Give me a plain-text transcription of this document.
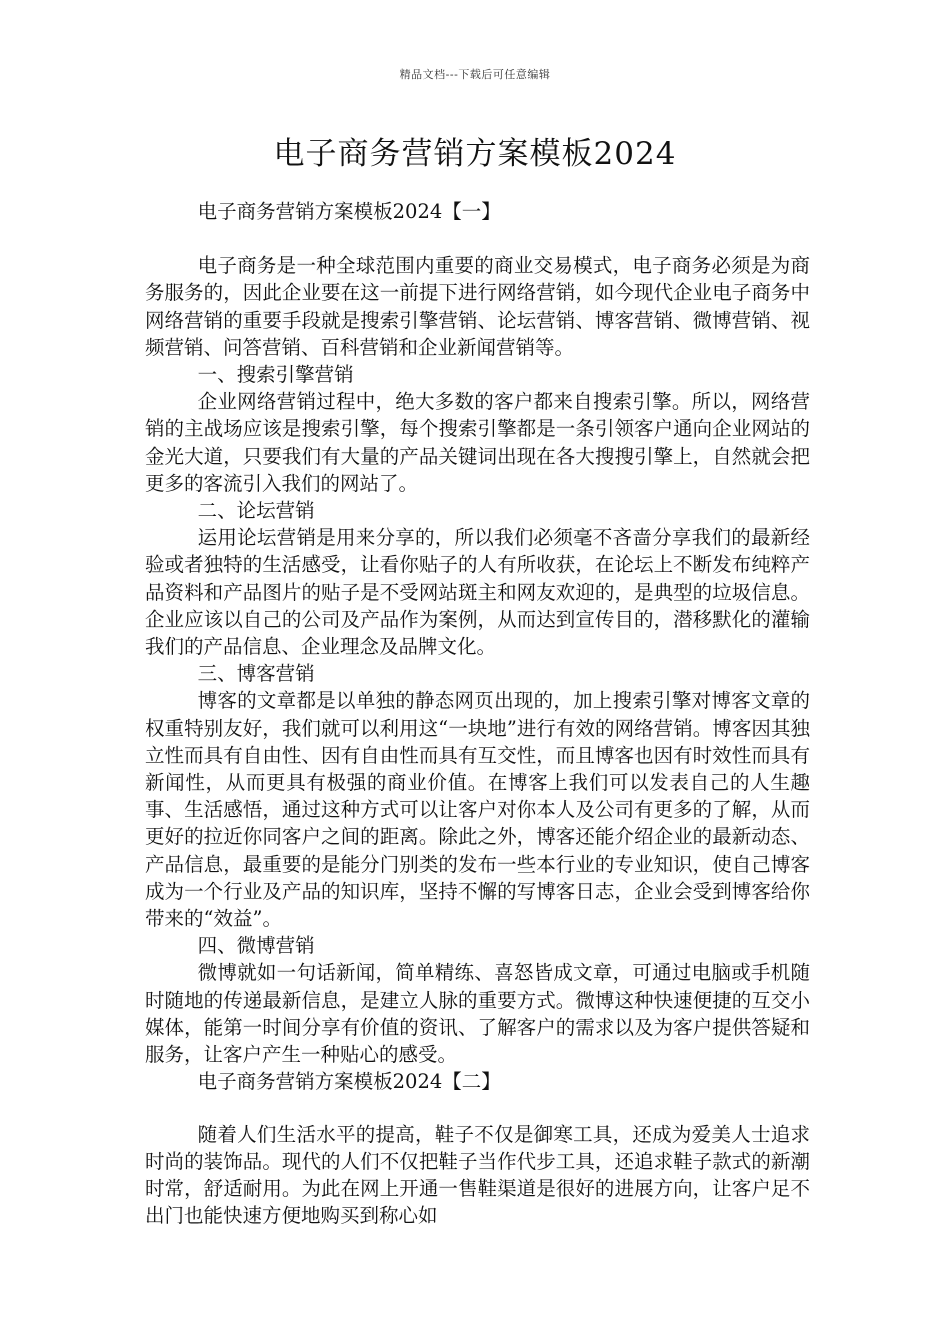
精品文档---下载后可任意编辑
电子商务营销方案模板2024

电子商务营销方案模板2024【一】

电子商务是一种全球范围内重要的商业交易模式，电子商务必须是为商务服务的，因此企业要在这一前提下进行网络营销，如今现代企业电子商务中网络营销的重要手段就是搜索引擎营销、论坛营销、博客营销、微博营销、视频营销、问答营销、百科营销和企业新闻营销等。

一、搜索引擎营销

企业网络营销过程中，绝大多数的客户都来自搜索引擎。所以，网络营销的主战场应该是搜索引擎，每个搜索引擎都是一条引领客户通向企业网站的金光大道，只要我们有大量的产品关键词出现在各大搜搜引擎上，自然就会把更多的客流引入我们的网站了。

二、论坛营销

运用论坛营销是用来分享的，所以我们必须毫不吝啬分享我们的最新经验或者独特的生活感受，让看你贴子的人有所收获，在论坛上不断发布纯粹产品资料和产品图片的贴子是不受网站斑主和网友欢迎的，是典型的垃圾信息。企业应该以自己的公司及产品作为案例，从而达到宣传目的，潜移默化的灌输我们的产品信息、企业理念及品牌文化。

三、博客营销

博客的文章都是以单独的静态网页出现的，加上搜索引擎对博客文章的权重特别友好，我们就可以利用这“一块地”进行有效的网络营销。博客因其独立性而具有自由性、因有自由性而具有互交性，而且博客也因有时效性而具有新闻性，从而更具有极强的商业价值。在博客上我们可以发表自己的人生趣事、生活感悟，通过这种方式可以让客户对你本人及公司有更多的了解，从而更好的拉近你同客户之间的距离。除此之外，博客还能介绍企业的最新动态、产品信息，最重要的是能分门别类的发布一些本行业的专业知识，使自己博客成为一个行业及产品的知识库，坚持不懈的写博客日志，企业会受到博客给你带来的“效益”。

四、微博营销

微博就如一句话新闻，简单精练、喜怒皆成文章，可通过电脑或手机随时随地的传递最新信息，是建立人脉的重要方式。微博这种快速便捷的互交小媒体，能第一时间分享有价值的资讯、了解客户的需求以及为客户提供答疑和服务，让客户产生一种贴心的感受。

电子商务营销方案模板2024【二】

随着人们生活水平的提高，鞋子不仅是御寒工具，还成为爱美人士追求时尚的装饰品。现代的人们不仅把鞋子当作代步工具，还追求鞋子款式的新潮时常，舒适耐用。为此在网上开通一售鞋渠道是很好的进展方向，让客户足不出门也能快速方便地购买到称心如
